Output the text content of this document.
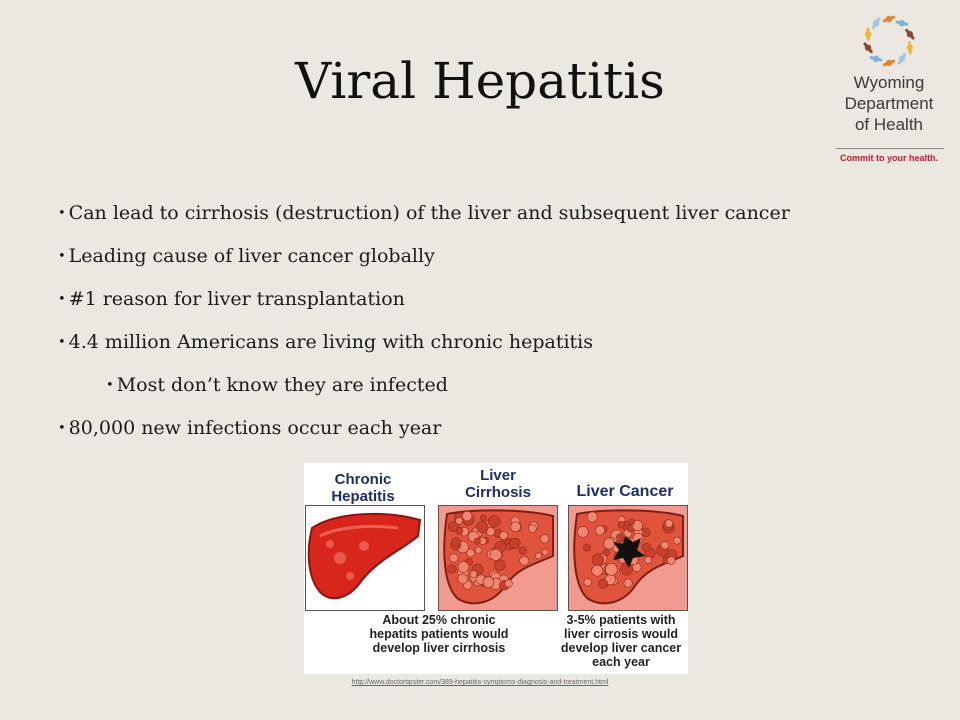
Viral Hepatitis	Wyoming
Department
of Health
Commit to your health.
• Can lead to cirrhosis (destruction) of the liver and subsequent liver cancer
• Leading cause of liver cancer globally
• #1 reason for liver transplantation
• 4.4 million Americans are living with chronic hepatitis
• Most don’t know they are infected
• 80,000 new infections occur each year
Chronic
Hepatitis
Liver
Cirrhosis	Liver Cancer
About 25% chronic
hepatits patients would
develop liver cirrhosis
3-5% patients with
liver cirrosis would
develop liver cancer
each year
http://www.doctortipster.com/389-hepatitis-symptoms-diagnosis-and-treatment.html
